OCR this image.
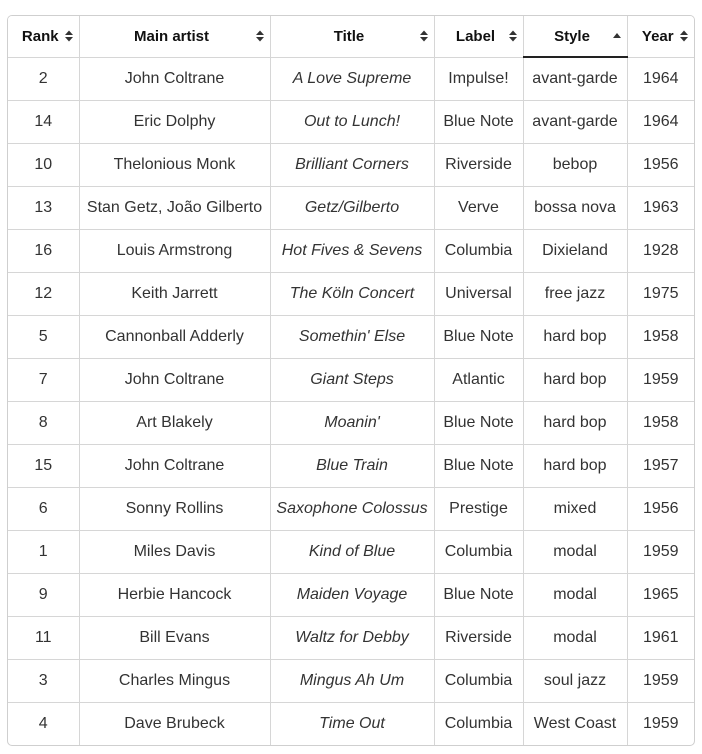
Rank	Main artist	Title	Label	Style	Year

2	John Coltrane	A Love Supreme	Impulse!	avant-garde	1964
14	Eric Dolphy	Out to Lunch!	Blue Note	avant-garde	1964
10	Thelonious Monk	Brilliant Corners	Riverside	bebop	1956
13	Stan Getz, João Gilberto	Getz/Gilberto	Verve	bossa nova	1963
16	Louis Armstrong	Hot Fives & Sevens	Columbia	Dixieland	1928
12	Keith Jarrett	The Köln Concert	Universal	free jazz	1975
5	Cannonball Adderly	Somethin' Else	Blue Note	hard bop	1958
7	John Coltrane	Giant Steps	Atlantic	hard bop	1959
8	Art Blakely	Moanin'	Blue Note	hard bop	1958
15	John Coltrane	Blue Train	Blue Note	hard bop	1957
6	Sonny Rollins	Saxophone Colossus	Prestige	mixed	1956
1	Miles Davis	Kind of Blue	Columbia	modal	1959
9	Herbie Hancock	Maiden Voyage	Blue Note	modal	1965
11	Bill Evans	Waltz for Debby	Riverside	modal	1961
3	Charles Mingus	Mingus Ah Um	Columbia	soul jazz	1959
4	Dave Brubeck	Time Out	Columbia	West Coast	1959
